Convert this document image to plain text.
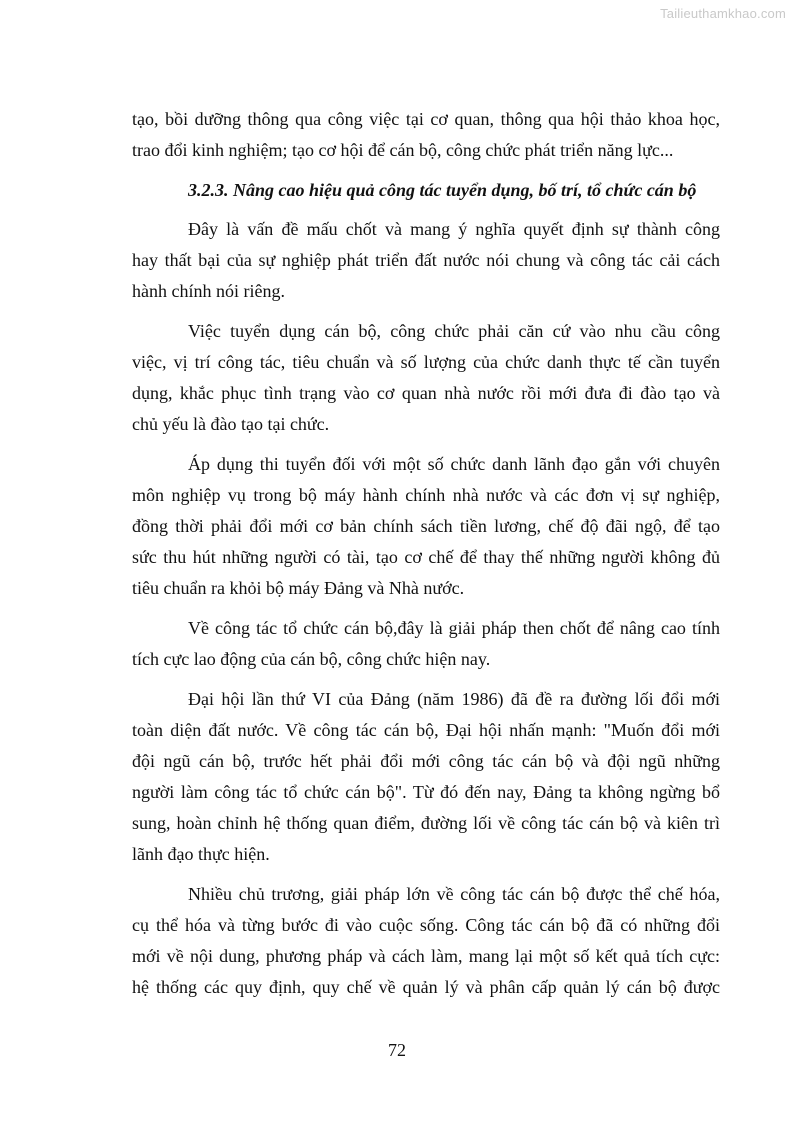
Tailieuthamkhao.com
tạo, bồi dưỡng thông qua công việc tại cơ quan, thông qua hội thảo khoa học,
trao đổi kinh nghiệm; tạo cơ hội để cán bộ, công chức phát triển năng lực...
3.2.3. Nâng cao hiệu quả công tác tuyển dụng, bố trí, tổ chức cán bộ
Đây là vấn đề mấu chốt và mang ý nghĩa quyết định sự thành công
hay thất bại của sự nghiệp phát triển đất nước nói chung và công tác cải cách
hành chính nói riêng.
Việc tuyển dụng cán bộ, công chức phải căn cứ vào nhu cầu công
việc, vị trí công tác, tiêu chuẩn và số lượng của chức danh thực tế cần tuyển
dụng, khắc phục tình trạng vào cơ quan nhà nước rồi mới đưa đi đào tạo và
chủ yếu là đào tạo tại chức.
Áp dụng thi tuyển đối với một số chức danh lãnh đạo gắn với chuyên
môn nghiệp vụ trong bộ máy hành chính nhà nước và các đơn vị sự nghiệp,
đồng thời phải đổi mới cơ bản chính sách tiền lương, chế độ đãi ngộ, để tạo
sức thu hút những người có tài, tạo cơ chế để thay thế những người không đủ
tiêu chuẩn ra khỏi bộ máy Đảng và Nhà nước.
Về công tác tổ chức cán bộ,đây là giải pháp then chốt để nâng cao tính
tích cực lao động của cán bộ, công chức hiện nay.
Đại hội lần thứ VI của Đảng (năm 1986) đã đề ra đường lối đổi mới
toàn diện đất nước. Về công tác cán bộ, Đại hội nhấn mạnh: "Muốn đổi mới
đội ngũ cán bộ, trước hết phải đổi mới công tác cán bộ và đội ngũ những
người làm công tác tổ chức cán bộ". Từ đó đến nay, Đảng ta không ngừng bổ
sung, hoàn chỉnh hệ thống quan điểm, đường lối về công tác cán bộ và kiên trì
lãnh đạo thực hiện.
Nhiều chủ trương, giải pháp lớn về công tác cán bộ được thể chế hóa,
cụ thể hóa và từng bước đi vào cuộc sống. Công tác cán bộ đã có những đổi
mới về nội dung, phương pháp và cách làm, mang lại một số kết quả tích cực:
hệ thống các quy định, quy chế về quản lý và phân cấp quản lý cán bộ được
72
